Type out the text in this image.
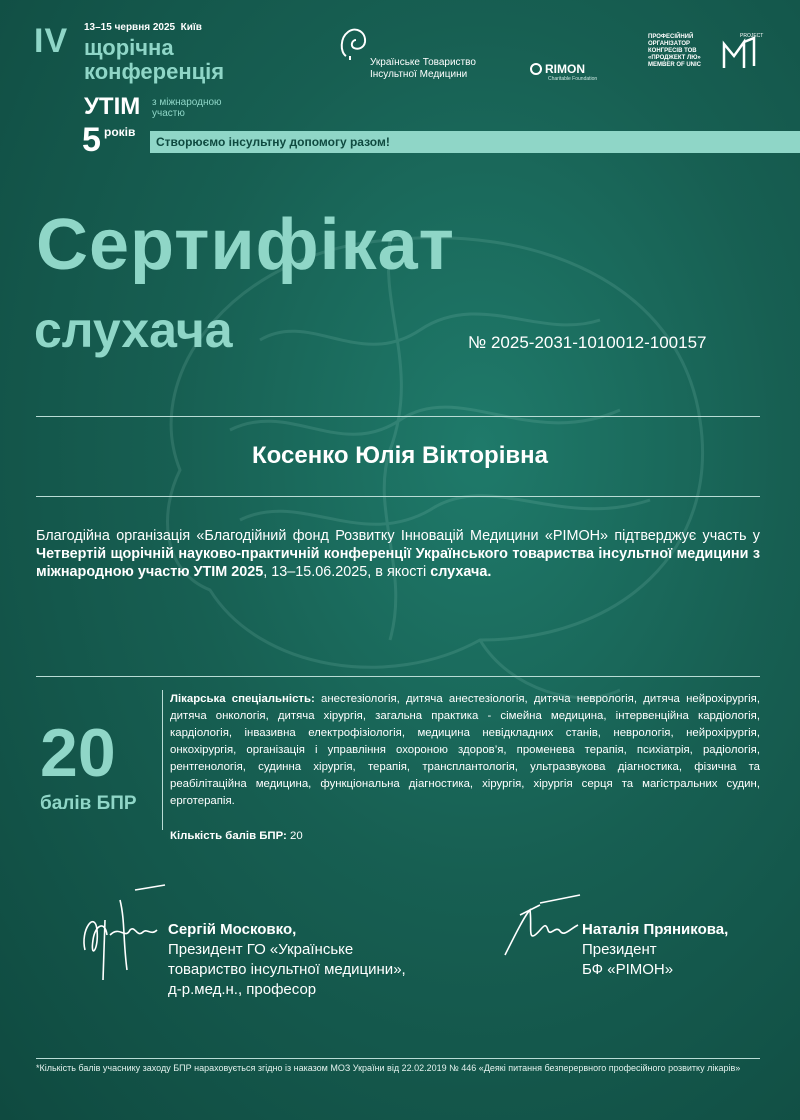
IV 13–15 червня 2025 Київ
щорічна
конференція
УТІМ з міжнародною участю
5 років
Створюємо інсультну допомогу разом!
Українське Товариство
Інсультної Медицини	RIMON
Charitable Foundation
ПРОФЕСІЙНИЙ ОРГАНІЗАТОР КОНГРЕСІВ ТОВ «ПРОДЖЕКТ ЛЮ» MEMBER OF UNIC
PROJECT
Сертифікат
слухача	№ 2025-2031-1010012-100157
Косенко Юлія Вікторівна
Благодійна організація «Благодійний фонд Розвитку Інновацій Медицини «РІМОН» підтверджує участь у Четвертій щорічній науково-практичній конференції Українського товариства інсультної медицини з міжнародною участю УТІМ 2025, 13–15.06.2025, в якості слухача.
20
балів БПР
Лікарська спеціальність: анестезіологія, дитяча анестезіологія, дитяча неврологія, дитяча нейрохірургія, дитяча онкологія, дитяча хірургія, загальна практика - сімейна медицина, інтервенційна кардіологія, кардіологія, інвазивна електрофізіологія, медицина невідкладних станів, неврологія, нейрохірургія, онкохірургія, організація і управління охороною здоров’я, променева терапія, психіатрія, радіологія, рентгенологія, судинна хірургія, терапія, трансплантологія, ультразвукова діагностика, фізична та реабілітаційна медицина, функціональна діагностика, хірургія, хірургія серця та магістральних судин, ерготерапія.
Кількість балів БПР: 20
Сергій Московко,
Президент ГО «Українське
товариство інсультної медицини»,
д-р.мед.н., професор
Наталія Пряникова,
Президент
БФ «РІМОН»
*Кількість балів учаснику заходу БПР нараховується згідно із наказом МОЗ України від 22.02.2019 № 446 «Деякі питання безперервного професійного розвитку лікарів»
